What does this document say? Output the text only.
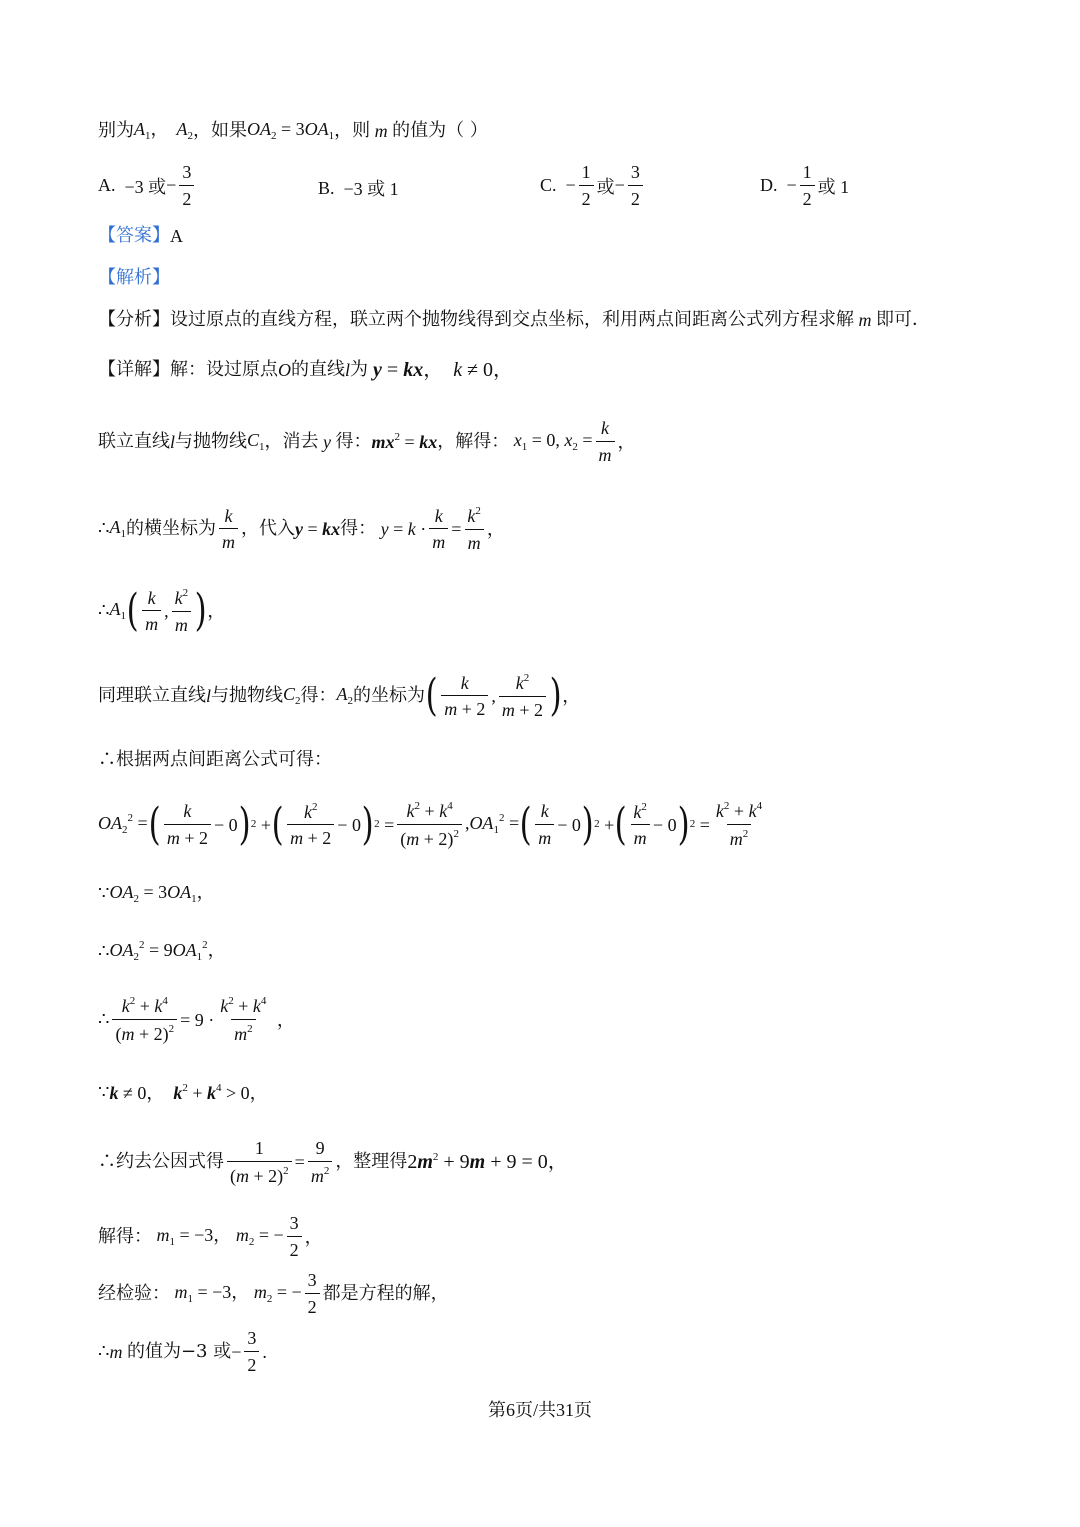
别为 $A_1$， $A_2$ ，如果 $OA_2 = 3OA_1$ ，则 m 的值为（ ）
A.
−3 或 − $\frac{3}{2}$	B.
−3 或 1	C.
− $\frac{1}{2}$ 或 − $\frac{3}{2}$	D.
− $\frac{1}{2}$ 或 1
【答案】 A
【解析】
【分析】 设过原点的直线方程，联立两个抛物线得到交点坐标，利用两点间距离公式列方程求解 m 即可．
【详解】 解：设过原点 O 的直线 l 为 y = kx，  k ≠ 0，
联立直线 l 与抛物线 $C_1$ ，消去 y 得： $mx^2$ = kx ，解得： $x_1 = 0$, $x_2 = \frac{k}{m}$ ，
∴ $A_1$ 的横坐标为 $\frac{k}{m}$ ，代入 y = kx 得： $y = k \cdot \frac{k}{m} = \frac{k^2}{m}$ ，
∴ $A_1$ ( $\frac{k}{m}$ , $\frac{k^2}{m}$ ) ，
同理联立直线 l 与抛物线 $C_2$ 得： $A_2$ 的坐标为 ( $\frac{k}{m + 2}$ , $\frac{k^2}{m + 2}$ ) ，
∴根据两点间距离公式可得：
$OA_2^2$ = ( $\frac{k}{m + 2} - 0$ ) 2 + ( $\frac{k^2}{m + 2} - 0$ ) $2 = \frac{k^2 + k^4}{(m + 2)^2} ,OA_1^2$ = ( $\frac{k}{m} - 0$ ) 2 + ( $\frac{k^2}{m} - 0$ ) $2 = \frac{k^2 + k^4}{m^2}$
∵ $OA_2 = 3OA_1$，
∴ $OA_2^2 = 9OA_1^2$，
∴ $\frac{k^2 + k^4}{(m + 2)^2} = 9 \cdot \frac{k^2 + k^4}{m^2}$ ，
∵ k ≠ 0，  $k^2 + k^4 > 0$，
∴约去公因式得 $\frac{1}{(m + 2)^2} = \frac{9}{m^2}$ ，整理得 $2m^2 + 9m + 9 = 0$，
解得： $m_1 = -3$， $m_2$ = − $\frac{3}{2}$ ，
经检验： $m_1 = -3$， $m_2$ = − $\frac{3}{2}$ 都是方程的解，
∴ m 的值为−3 或 − $\frac{3}{2}$ .
第6页/共31页
